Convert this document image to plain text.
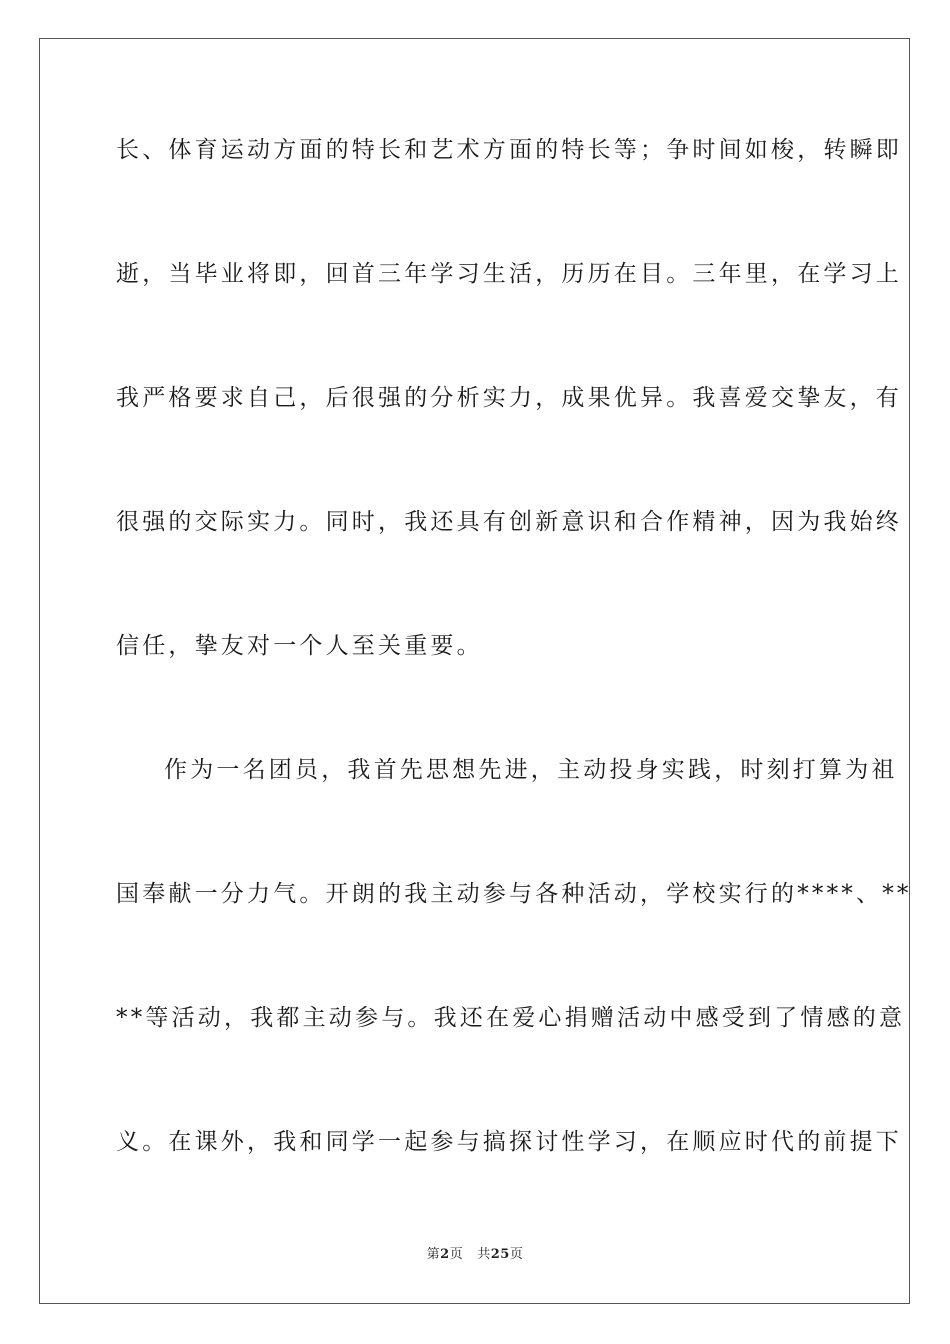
长、体育运动方面的特长和艺术方面的特长等；争时间如梭，转瞬即
逝，当毕业将即，回首三年学习生活，历历在目。三年里，在学习上
我严格要求自己，后很强的分析实力，成果优异。我喜爱交挚友，有
很强的交际实力。同时，我还具有创新意识和合作精神，因为我始终
信任，挚友对一个人至关重要。
作为一名团员，我首先思想先进，主动投身实践，时刻打算为祖
国奉献一分力气。开朗的我主动参与各种活动，学校实行的****、**
**等活动，我都主动参与。我还在爱心捐赠活动中感受到了情感的意
义。在课外，我和同学一起参与搞探讨性学习，在顺应时代的前提下
第2页 共25页
